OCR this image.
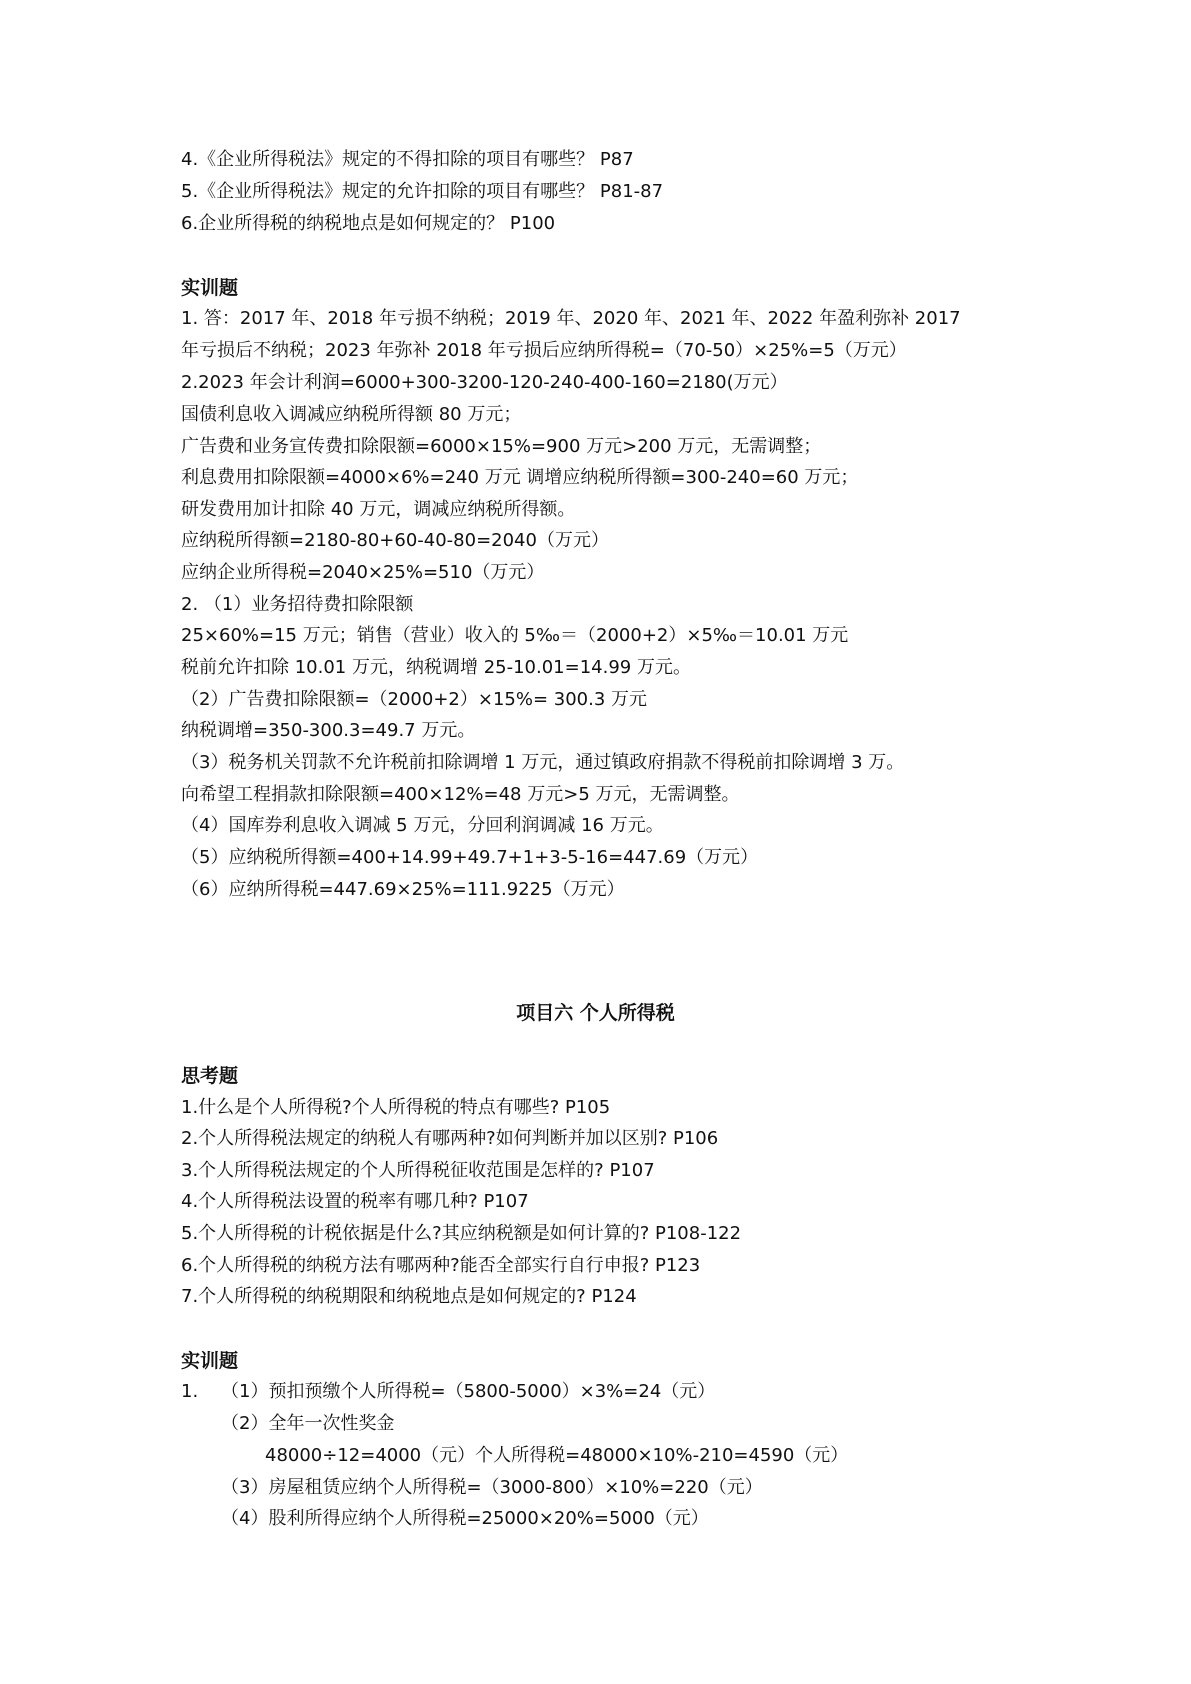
4.《企业所得税法》规定的不得扣除的项目有哪些？ P87
5.《企业所得税法》规定的允许扣除的项目有哪些？ P81-87
6.企业所得税的纳税地点是如何规定的？ P100
实训题
1. 答：2017 年、2018 年亏损不纳税；2019 年、2020 年、2021 年、2022 年盈利弥补 2017
年亏损后不纳税；2023 年弥补 2018 年亏损后应纳所得税=（70-50）×25%=5（万元）
2.2023 年会计利润=6000+300-3200-120-240-400-160=2180(万元）
国债利息收入调减应纳税所得额 80 万元；
广告费和业务宣传费扣除限额=6000×15%=900 万元>200 万元，无需调整；
利息费用扣除限额=4000×6%=240 万元 调增应纳税所得额=300-240=60 万元；
研发费用加计扣除 40 万元，调减应纳税所得额。
应纳税所得额=2180-80+60-40-80=2040（万元）
应纳企业所得税=2040×25%=510（万元）
2. （1）业务招待费扣除限额
25×60%=15 万元；销售（营业）收入的 5‰＝（2000+2）×5‰＝10.01 万元
税前允许扣除 10.01 万元，纳税调增 25-10.01=14.99 万元。
（2）广告费扣除限额=（2000+2）×15%= 300.3 万元
纳税调增=350-300.3=49.7 万元。
（3）税务机关罚款不允许税前扣除调增 1 万元，通过镇政府捐款不得税前扣除调增 3 万。
向希望工程捐款扣除限额=400×12%=48 万元>5 万元，无需调整。
（4）国库券利息收入调减 5 万元，分回利润调减 16 万元。
（5）应纳税所得额=400+14.99+49.7+1+3-5-16=447.69（万元）
（6）应纳所得税=447.69×25%=111.9225（万元）
项目六 个人所得税
思考题
1.什么是个人所得税?个人所得税的特点有哪些? P105
2.个人所得税法规定的纳税人有哪两种?如何判断并加以区别? P106
3.个人所得税法规定的个人所得税征收范围是怎样的? P107
4.个人所得税法设置的税率有哪几种? P107
5.个人所得税的计税依据是什么?其应纳税额是如何计算的? P108-122
6.个人所得税的纳税方法有哪两种?能否全部实行自行申报? P123
7.个人所得税的纳税期限和纳税地点是如何规定的? P124
实训题
1. （1）预扣预缴个人所得税=（5800-5000）×3%=24（元）
（2）全年一次性奖金
48000÷12=4000（元）个人所得税=48000×10%-210=4590（元）
（3）房屋租赁应纳个人所得税=（3000-800）×10%=220（元）
（4）股利所得应纳个人所得税=25000×20%=5000（元）
